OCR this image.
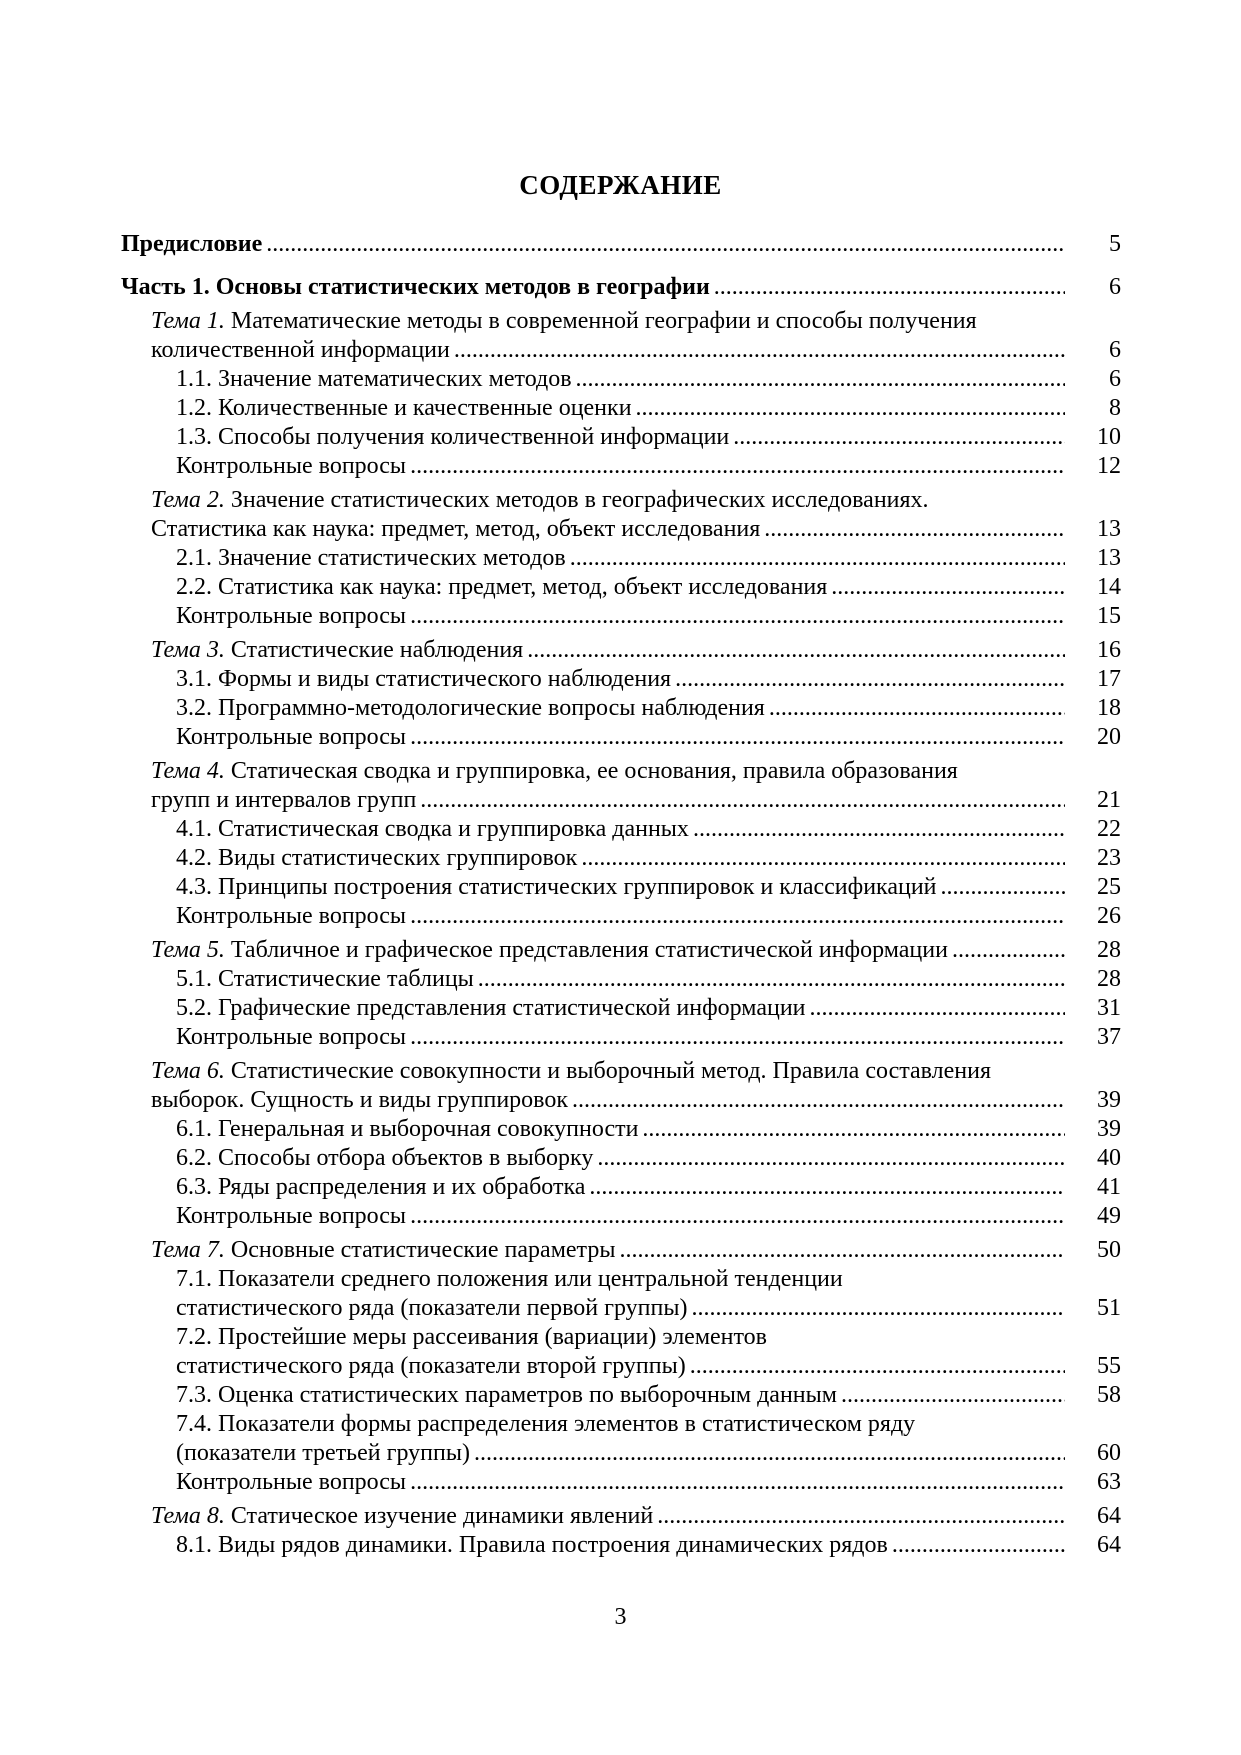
СОДЕРЖАНИЕ
Предисловие . . .	5
Часть 1. Основы статистических методов в географии . . .	6
Тема 1. Математические методы в современной географии и способы получения
количественной информации . . .	6
1.1. Значение математических методов . . .	6
1.2. Количественные и качественные оценки . . .	8
1.3. Способы получения количественной информации . . .	10
Контрольные вопросы . . .	12
Тема 2. Значение статистических методов в географических исследованиях.
Статистика как наука: предмет, метод, объект исследования . . .	13
2.1. Значение статистических методов . . .	13
2.2. Статистика как наука: предмет, метод, объект исследования . . .	14
Контрольные вопросы . . .	15
Тема 3. Статистические наблюдения . . .	16
3.1. Формы и виды статистического наблюдения . . .	17
3.2. Программно-методологические вопросы наблюдения . . .	18
Контрольные вопросы . . .	20
Тема 4. Статическая сводка и группировка, ее основания, правила образования
групп и интервалов групп . . .	21
4.1. Статистическая сводка и группировка данных . . .	22
4.2. Виды статистических группировок . . .	23
4.3. Принципы построения статистических группировок и классификаций . . .	25
Контрольные вопросы . . .	26
Тема 5. Табличное и графическое представления статистической информации . . .	28
5.1. Статистические таблицы . . .	28
5.2. Графические представления статистической информации . . .	31
Контрольные вопросы . . .	37
Тема 6. Статистические совокупности и выборочный метод. Правила составления
выборок. Сущность и виды группировок . . .	39
6.1. Генеральная и выборочная совокупности . . .	39
6.2. Способы отбора объектов в выборку . . .	40
6.3. Ряды распределения и их обработка . . .	41
Контрольные вопросы . . .	49
Тема 7. Основные статистические параметры . . .	50
7.1. Показатели среднего положения или центральной тенденции
статистического ряда (показатели первой группы) . . .	51
7.2. Простейшие меры рассеивания (вариации) элементов
статистического ряда (показатели второй группы) . . .	55
7.3. Оценка статистических параметров по выборочным данным . . .	58
7.4. Показатели формы распределения элементов в статистическом ряду
(показатели третьей группы) . . .	60
Контрольные вопросы . . .	63
Тема 8. Статическое изучение динамики явлений . . .	64
8.1. Виды рядов динамики. Правила построения динамических рядов . . .	64
3
